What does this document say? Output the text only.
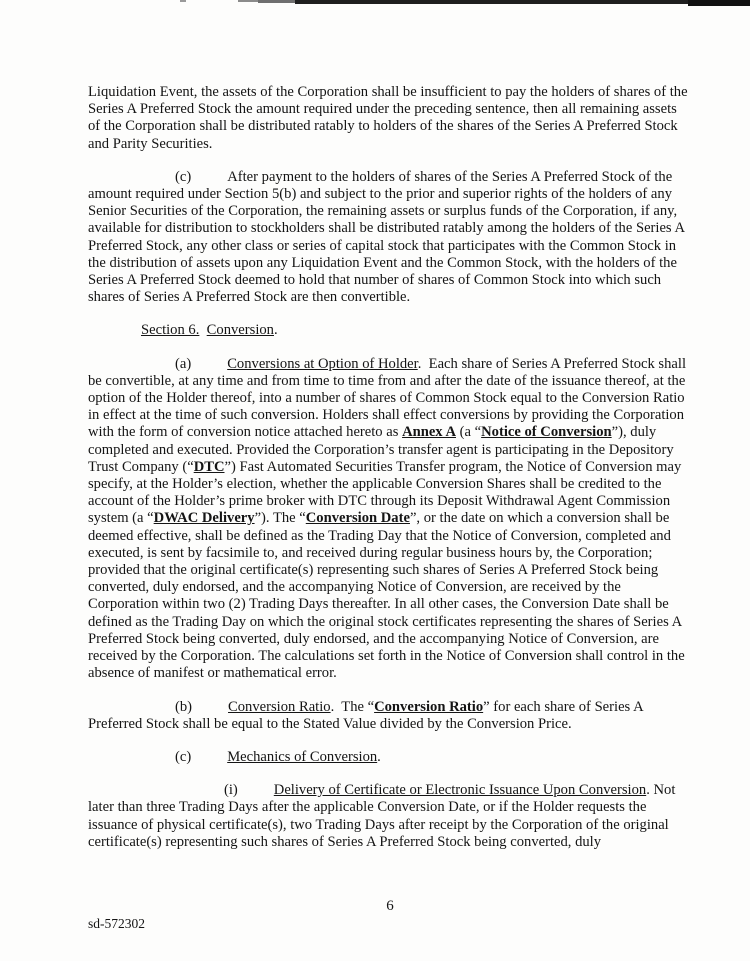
Liquidation Event, the assets of the Corporation shall be insufficient to pay the holders of shares of the Series A Preferred Stock the amount required under the preceding sentence, then all remaining assets of the Corporation shall be distributed ratably to holders of the shares of the Series A Preferred Stock and Parity Securities.

(c) After payment to the holders of shares of the Series A Preferred Stock of the amount required under Section 5(b) and subject to the prior and superior rights of the holders of any Senior Securities of the Corporation, the remaining assets or surplus funds of the Corporation, if any, available for distribution to stockholders shall be distributed ratably among the holders of the Series A Preferred Stock, any other class or series of capital stock that participates with the Common Stock in the distribution of assets upon any Liquidation Event and the Common Stock, with the holders of the Series A Preferred Stock deemed to hold that number of shares of Common Stock into which such shares of Series A Preferred Stock are then convertible.

Section 6. Conversion.

(a) Conversions at Option of Holder.  Each share of Series A Preferred Stock shall be convertible, at any time and from time to time from and after the date of the issuance thereof, at the option of the Holder thereof, into a number of shares of Common Stock equal to the Conversion Ratio in effect at the time of such conversion. Holders shall effect conversions by providing the Corporation with the form of conversion notice attached hereto as Annex A (a “Notice of Conversion”), duly completed and executed. Provided the Corporation’s transfer agent is participating in the Depository Trust Company (“DTC”) Fast Automated Securities Transfer program, the Notice of Conversion may specify, at the Holder’s election, whether the applicable Conversion Shares shall be credited to the account of the Holder’s prime broker with DTC through its Deposit Withdrawal Agent Commission system (a “DWAC Delivery”). The “Conversion Date”, or the date on which a conversion shall be deemed effective, shall be defined as the Trading Day that the Notice of Conversion, completed and executed, is sent by facsimile to, and received during regular business hours by, the Corporation; provided that the original certificate(s) representing such shares of Series A Preferred Stock being converted, duly endorsed, and the accompanying Notice of Conversion, are received by the Corporation within two (2) Trading Days thereafter. In all other cases, the Conversion Date shall be defined as the Trading Day on which the original stock certificates representing the shares of Series A Preferred Stock being converted, duly endorsed, and the accompanying Notice of Conversion, are received by the Corporation. The calculations set forth in the Notice of Conversion shall control in the absence of manifest or mathematical error.

(b) Conversion Ratio.  The “Conversion Ratio” for each share of Series A Preferred Stock shall be equal to the Stated Value divided by the Conversion Price.

(c) Mechanics of Conversion.

(i) Delivery of Certificate or Electronic Issuance Upon Conversion. Not later than three Trading Days after the applicable Conversion Date, or if the Holder requests the issuance of physical certificate(s), two Trading Days after receipt by the Corporation of the original certificate(s) representing such shares of Series A Preferred Stock being converted, duly

6
sd-572302
